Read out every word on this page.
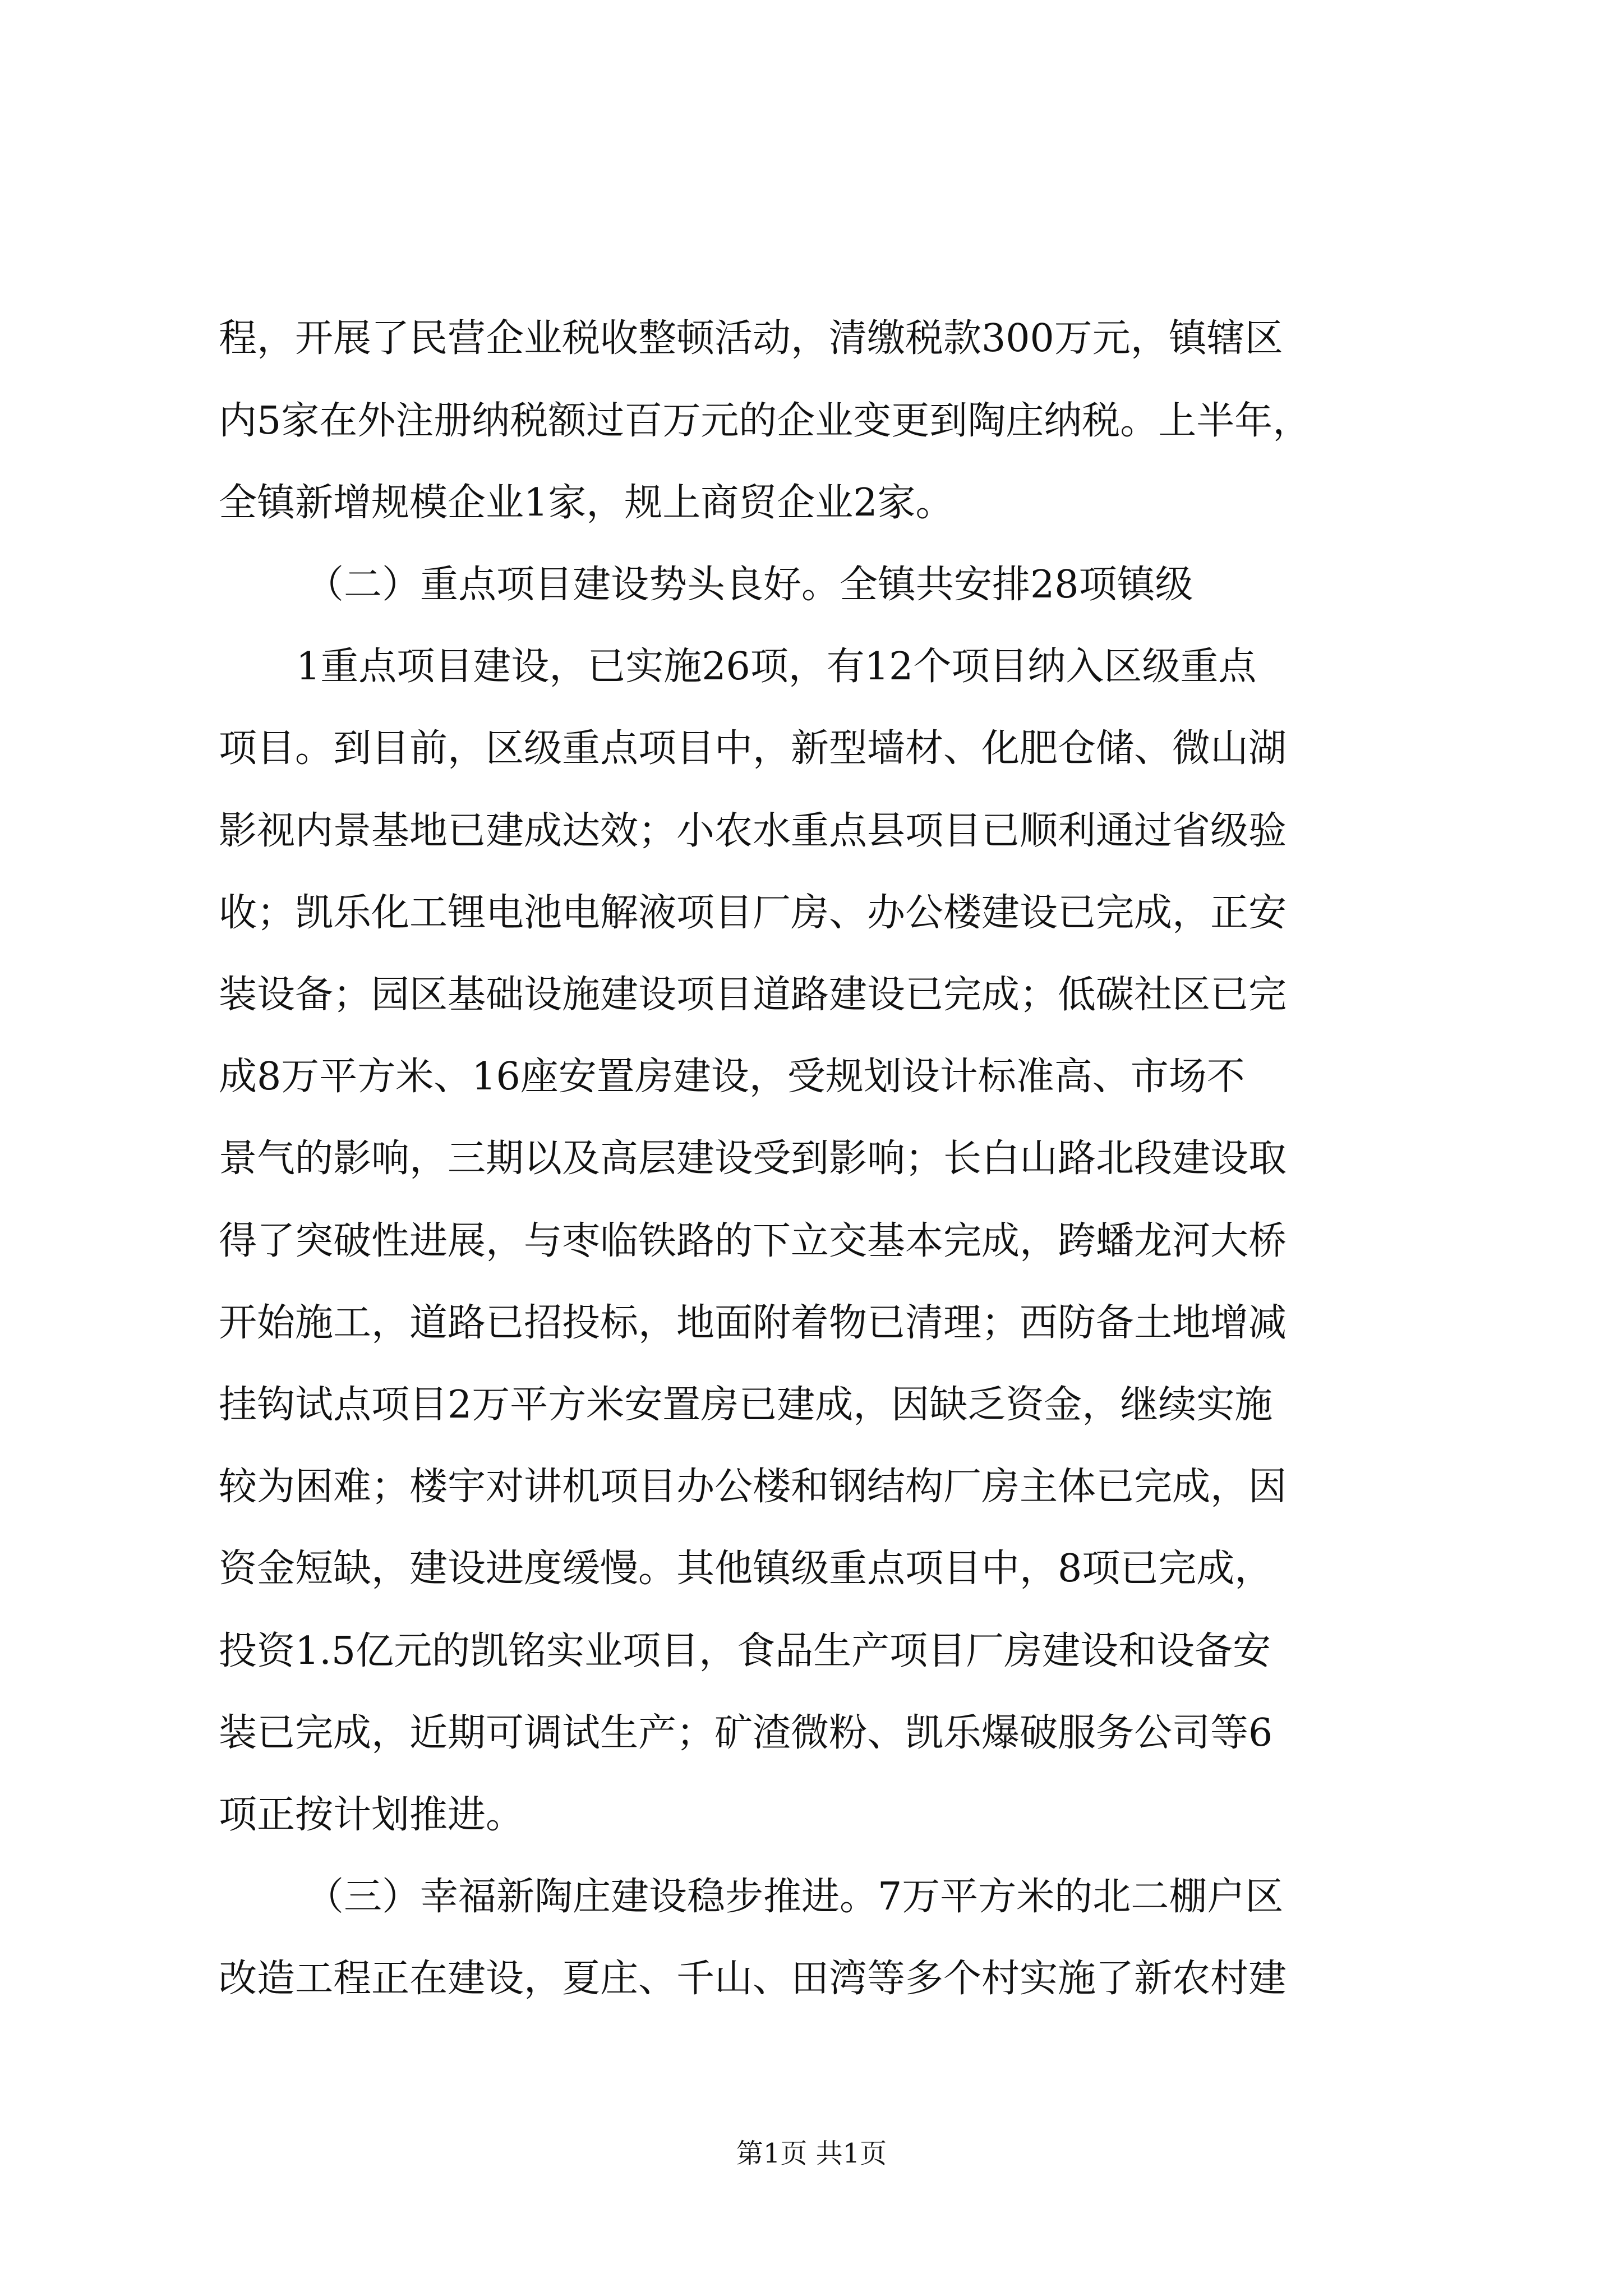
程，开展了民营企业税收整顿活动，清缴税款300万元，镇辖区
内5家在外注册纳税额过百万元的企业变更到陶庄纳税。上半年，
全镇新增规模企业1家，规上商贸企业2家。
（二）重点项目建设势头良好。全镇共安排28项镇级
1重点项目建设，已实施26项，有12个项目纳入区级重点
项目。到目前，区级重点项目中，新型墙材、化肥仓储、微山湖
影视内景基地已建成达效；小农水重点县项目已顺利通过省级验
收；凯乐化工锂电池电解液项目厂房、办公楼建设已完成，正安
装设备；园区基础设施建设项目道路建设已完成；低碳社区已完
成8万平方米、16座安置房建设，受规划设计标准高、市场不
景气的影响，三期以及高层建设受到影响；长白山路北段建设取
得了突破性进展，与枣临铁路的下立交基本完成，跨蟠龙河大桥
开始施工，道路已招投标，地面附着物已清理；西防备土地增减
挂钩试点项目2万平方米安置房已建成，因缺乏资金，继续实施
较为困难；楼宇对讲机项目办公楼和钢结构厂房主体已完成，因
资金短缺，建设进度缓慢。其他镇级重点项目中，8项已完成，
投资1.5亿元的凯铭实业项目，食品生产项目厂房建设和设备安
装已完成，近期可调试生产；矿渣微粉、凯乐爆破服务公司等6
项正按计划推进。
（三）幸福新陶庄建设稳步推进。7万平方米的北二棚户区
改造工程正在建设，夏庄、千山、田湾等多个村实施了新农村建
第1页 共1页
